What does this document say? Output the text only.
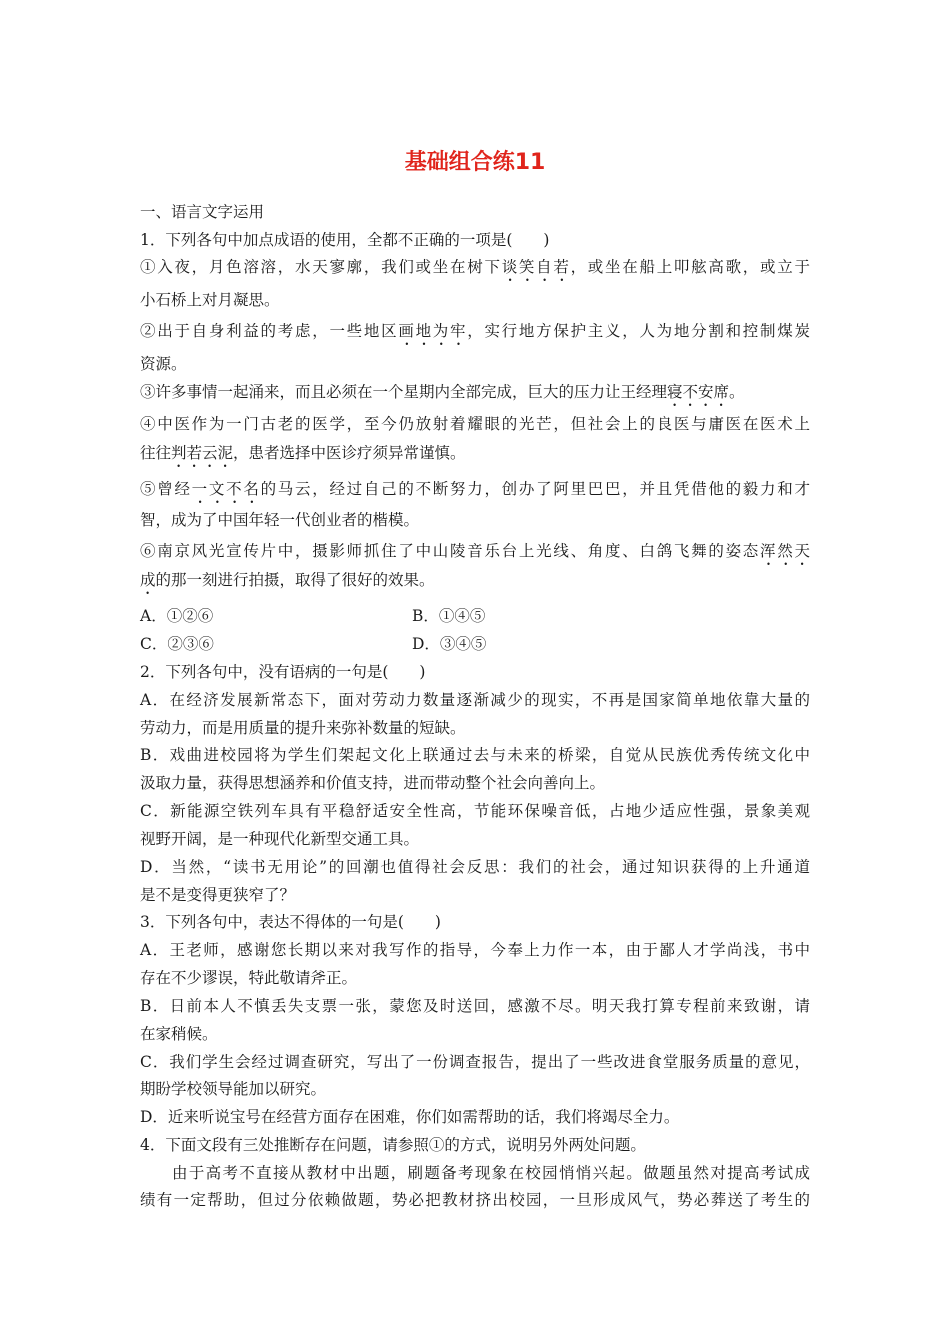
基础组合练11
一、语言文字运用
1．下列各句中加点成语的使用，全都不正确的一项是(　　)
①入夜，月色溶溶，水天寥廓，我们或坐在树下谈笑自若，或坐在船上叩舷高歌，或立于
小石桥上对月凝思。
②出于自身利益的考虑，一些地区画地为牢，实行地方保护主义，人为地分割和控制煤炭
资源。
③许多事情一起涌来，而且必须在一个星期内全部完成，巨大的压力让王经理寝不安席。
④中医作为一门古老的医学，至今仍放射着耀眼的光芒，但社会上的良医与庸医在医术上
往往判若云泥，患者选择中医诊疗须异常谨慎。
⑤曾经一文不名的马云，经过自己的不断努力，创办了阿里巴巴，并且凭借他的毅力和才
智，成为了中国年轻一代创业者的楷模。
⑥南京风光宣传片中，摄影师抓住了中山陵音乐台上光线、角度、白鸽飞舞的姿态浑然天
成的那一刻进行拍摄，取得了很好的效果。
A．①②⑥	B．①④⑤
C．②③⑥	D．③④⑤
2．下列各句中，没有语病的一句是(　　)
A．在经济发展新常态下，面对劳动力数量逐渐减少的现实，不再是国家简单地依靠大量的
劳动力，而是用质量的提升来弥补数量的短缺。
B．戏曲进校园将为学生们架起文化上联通过去与未来的桥梁，自觉从民族优秀传统文化中
汲取力量，获得思想涵养和价值支持，进而带动整个社会向善向上。
C．新能源空铁列车具有平稳舒适安全性高，节能环保噪音低，占地少适应性强，景象美观
视野开阔，是一种现代化新型交通工具。
D．当然，“读书无用论”的回潮也值得社会反思：我们的社会，通过知识获得的上升通道
是不是变得更狭窄了？
3．下列各句中，表达不得体的一句是(　　)
A．王老师，感谢您长期以来对我写作的指导，今奉上力作一本，由于鄙人才学尚浅，书中
存在不少谬误，特此敬请斧正。
B．日前本人不慎丢失支票一张，蒙您及时送回，感激不尽。明天我打算专程前来致谢，请
在家稍候。
C．我们学生会经过调查研究，写出了一份调查报告，提出了一些改进食堂服务质量的意见，
期盼学校领导能加以研究。
D．近来听说宝号在经营方面存在困难，你们如需帮助的话，我们将竭尽全力。
4．下面文段有三处推断存在问题，请参照①的方式，说明另外两处问题。
由于高考不直接从教材中出题，刷题备考现象在校园悄悄兴起。做题虽然对提高考试成
绩有一定帮助，但过分依赖做题，势必把教材挤出校园，一旦形成风气，势必葬送了考生的
